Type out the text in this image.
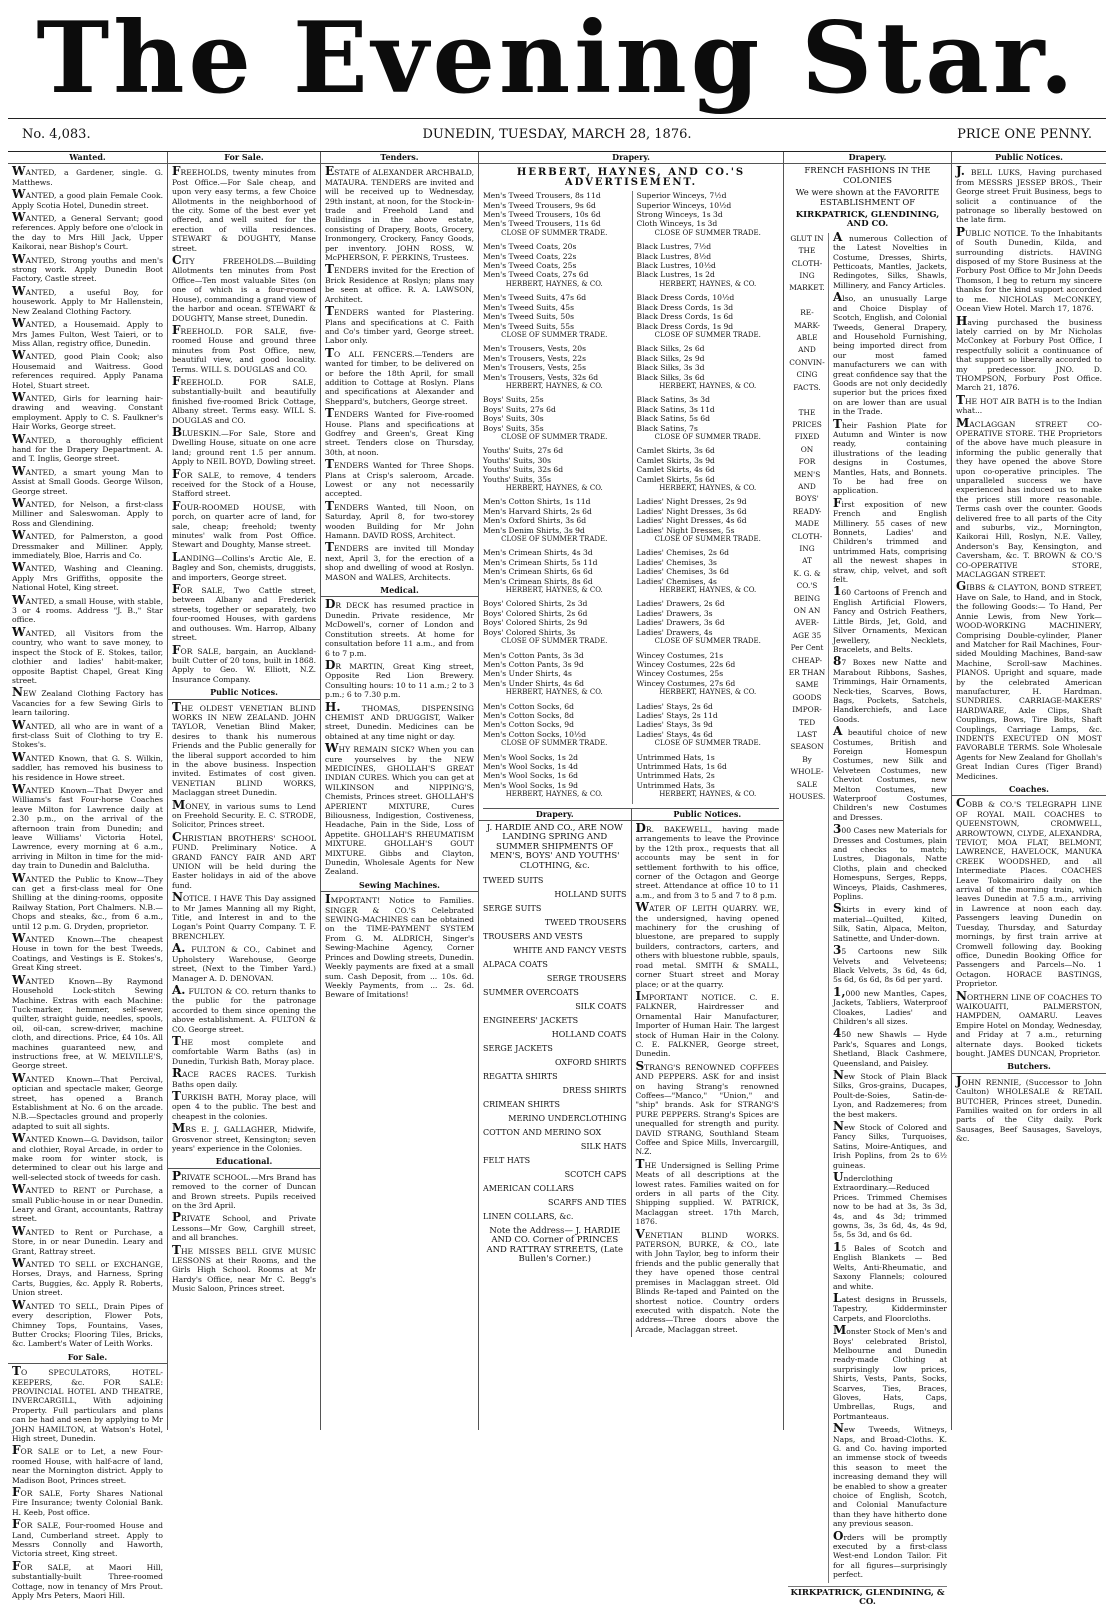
The Evening Star.
No. 4,083.	DUNEDIN, TUESDAY, MARCH 28, 1876.	PRICE ONE PENNY.
Wanted.
WANTED, a Gardener, single. G. Matthews.
WANTED, a good plain Female Cook. Apply Scotia Hotel, Dunedin street.
WANTED, a General Servant; good references. Apply before one o'clock in the day to Mrs Hill Jack, Upper Kaikorai, near Bishop's Court.
WANTED, Strong youths and men's strong work. Apply Dunedin Boot Factory, Castle street.
WANTED, a useful Boy, for housework. Apply to Mr Hallenstein, New Zealand Clothing Factory.
WANTED, a Housemaid. Apply to Mrs James Fulton, West Taieri, or to Miss Allan, registry office, Dunedin.
WANTED, good Plain Cook; also Housemaid and Waitress. Good references required. Apply Panama Hotel, Stuart street.
WANTED, Girls for learning hair-drawing and weaving. Constant employment. Apply to C. S. Faulkner's Hair Works, George street.
WANTED, a thoroughly efficient hand for the Drapery Department. A. and T. Inglis, George street.
WANTED, a smart young Man to Assist at Small Goods. George Wilson, George street.
WANTED, for Nelson, a first-class Milliner and Saleswoman. Apply to Ross and Glendining.
WANTED, for Palmerston, a good Dressmaker and Milliner. Apply, immediately, Bloe, Harris and Co.
WANTED, Washing and Cleaning. Apply Mrs Griffiths, opposite the National Hotel, King street.
WANTED, a small House, with stable, 3 or 4 rooms. Address "J. B.," Star office.
WANTED, all Visitors from the country, who want to save money, to inspect the Stock of E. Stokes, tailor, clothier and ladies' habit-maker, opposite Baptist Chapel, Great King street.
NEW Zealand Clothing Factory has Vacancies for a few Sewing Girls to learn tailoring.
WANTED, all who are in want of a first-class Suit of Clothing to try E. Stokes's.
WANTED Known, that G. S. Wilkin, saddler, has removed his business to his residence in Howe street.
WANTED Known—That Dwyer and Williams's fast Four-horse Coaches leave Milton for Lawrence daily at 2.30 p.m., on the arrival of the afternoon train from Dunedin; and leave Williams' Victoria Hotel, Lawrence, every morning at 6 a.m., arriving in Milton in time for the mid-day train to Dunedin and Balclutha.
WANTED the Public to Know—They can get a first-class meal for One Shilling at the dining-rooms, opposite Railway Station, Port Chalmers. N.B.—Chops and steaks, &c., from 6 a.m., until 12 p.m. G. Dryden, proprietor.
WANTED Known—The cheapest House in town for the best Tweeds, Coatings, and Vestings is E. Stokes's, Great King street.
WANTED Known—By Raymond Household Lock-stitch Sewing Machine. Extras with each Machine: Tuck-marker, hemmer, self-sewer, quilter, straight guide, needles, spools, oil, oil-can, screw-driver, machine cloth, and directions. Price, £4 10s. All machines guaranteed new, and instructions free, at W. MELVILLE'S, George street.
WANTED Known—That Percival, optician and spectacle maker, George street, has opened a Branch Establishment at No. 6 on the arcade. N.B.—Spectacles ground and properly adapted to suit all sights.
WANTED Known—G. Davidson, tailor and clothier, Royal Arcade, in order to make room for winter stock, is determined to clear out his large and well-selected stock of tweeds for cash.
WANTED to RENT or Purchase, a small Public-house in or near Dunedin. Leary and Grant, accountants, Rattray street.
WANTED to Rent or Purchase, a Store, in or near Dunedin. Leary and Grant, Rattray street.
WANTED TO SELL or EXCHANGE, Horses, Drays, and Harness, Spring Carts, Buggies, &c. Apply R. Roberts, Union street.
WANTED TO SELL, Drain Pipes of every description, Flower Pots, Chimney Tops, Fountains, Vases, Butter Crocks; Flooring Tiles, Bricks, &c. Lambert's Water of Leith Works.
For Sale.
TO SPECULATORS, HOTEL-KEEPERS, &c. FOR SALE: PROVINCIAL HOTEL AND THEATRE, INVERCARGILL, With adjoining Property. Full particulars and plans can be had and seen by applying to Mr JOHN HAMILTON, at Watson's Hotel, High street, Dunedin.
FOR SALE or to Let, a new Four-roomed House, with half-acre of land, near the Mornington district. Apply to Madison Boot, Princes street.
FOR SALE, Forty Shares National Fire Insurance; twenty Colonial Bank. H. Keeb, Post office.
FOR SALE, Four-roomed House and Land, Cumberland street. Apply to Messrs Connolly and Haworth, Victoria street, King street.
FOR SALE, at Maori Hill, substantially-built Three-roomed Cottage, now in tenancy of Mrs Prout. Apply Mrs Peters, Maori Hill.
For Sale.
FREEHOLDS, twenty minutes from Post Office.—For Sale cheap, and upon very easy terms, a few Choice Allotments in the neighborhood of the city. Some of the best ever yet offered, and well suited for the erection of villa residences. STEWART & DOUGHTY, Manse street.
CITY FREEHOLDS.—Building Allotments ten minutes from Post Office—Ten most valuable Sites (on one of which is a four-roomed House), commanding a grand view of the harbor and ocean. STEWART & DOUGHTY, Manse street, Dunedin.
FREEHOLD. FOR SALE, five-roomed House and ground three minutes from Post Office, new, beautiful view, and good locality. Terms. WILL S. DOUGLAS and CO.
FREEHOLD. FOR SALE, substantially-built and beautifully finished five-roomed Brick Cottage, Albany street. Terms easy. WILL S. DOUGLAS and CO.
BLUESKIN.—For Sale, Store and Dwelling House, situate on one acre land; ground rent 1.5 per annum. Apply to NEIL BOYD, Dowling street.
FOR SALE, to remove, 4 tenders received for the Stock of a House, Stafford street.
FOUR-ROOMED HOUSE, with porch, on quarter acre of land, for sale, cheap; freehold; twenty minutes' walk from Post Office. Stewart and Doughty, Manse street.
LANDING—Collins's Arctic Ale, E. Bagley and Son, chemists, druggists, and importers, George street.
FOR SALE, Two Cattle street, between Albany and Frederick streets, together or separately, two four-roomed Houses, with gardens and outhouses. Wm. Harrop, Albany street.
FOR SALE, bargain, an Auckland-built Cutter of 20 tons, built in 1868. Apply to Geo. W. Elliott, N.Z. Insurance Company.
Public Notices.
THE OLDEST VENETIAN BLIND WORKS IN NEW ZEALAND. JOHN TAYLOR, Venetian Blind Maker, desires to thank his numerous Friends and the Public generally for the liberal support accorded to him in the above business. Inspection invited. Estimates of cost given. VENETIAN BLIND WORKS, Maclaggan street Dunedin.
MONEY, in various sums to Lend on Freehold Security. E. C. STRODE, Solicitor, Princes street.
CHRISTIAN BROTHERS' SCHOOL FUND. Preliminary Notice. A GRAND FANCY FAIR AND ART UNION will be held during the Easter holidays in aid of the above fund.
NOTICE. I HAVE This Day assigned to Mr James Manning all my Right, Title, and Interest in and to the Logan's Point Quarry Company. T. F. BRENCHLEY.
A. FULTON & CO., Cabinet and Upholstery Warehouse, George street, (Next to the Timber Yard.) Manager A. D. DENOVAN.
A. FULTON & CO. return thanks to the public for the patronage accorded to them since opening the above establishment. A. FULTON & CO. George street.
THE most complete and comfortable Warm Baths (as) in Dunedin, Turkish Bath, Moray place.
RACE RACES RACES. Turkish Baths open daily.
TURKISH BATH, Moray place, will open 4 to the public. The best and cheapest in the colonies.
MRS E. J. GALLAGHER, Midwife, Grosvenor street, Kensington; seven years' experience in the Colonies.
Educational.
PRIVATE SCHOOL.—Mrs Brand has removed to the corner of Duncan and Brown streets. Pupils received on the 3rd April.
PRIVATE School, and Private Lessons—Mr Gow, Carghill street, and all branches.
THE MISSES BELL GIVE MUSIC LESSONS at their Rooms, and the Girls High School. Rooms at Mr Hardy's Office, near Mr C. Begg's Music Saloon, Princes street.
Tenders.
ESTATE of ALEXANDER ARCHBALD, MATAURA. TENDERS are invited and will be received up to Wednesday, 29th instant, at noon, for the Stock-in-trade and Freehold Land and Buildings in the above estate, consisting of Drapery, Boots, Grocery, Ironmongery, Crockery, Fancy Goods, per inventory. JOHN ROSS, W. McPHERSON, F. PERKINS, Trustees.
TENDERS invited for the Erection of Brick Residence at Roslyn; plans may be seen at office. R. A. LAWSON, Architect.
TENDERS wanted for Plastering. Plans and specifications at C. Faith and Co's timber yard, George street. Labor only.
TO ALL FENCERS.—Tenders are wanted for timber, to be delivered on or before the 18th April, for small addition to Cottage at Roslyn. Plans and specifications at Alexander and Sheppard's, butchers, George street.
TENDERS Wanted for Five-roomed House. Plans and specifications at Godfrey and Green's, Great King street. Tenders close on Thursday, 30th, at noon.
TENDERS Wanted for Three Shops. Plans at Crisp's saleroom, Arcade. Lowest or any not necessarily accepted.
TENDERS Wanted, till Noon, on Saturday, April 8, for two-storey wooden Building for Mr John Hamann. DAVID ROSS, Architect.
TENDERS are invited till Monday next, April 3, for the erection of a shop and dwelling of wood at Roslyn. MASON and WALES, Architects.
Medical.
DR DECK has resumed practice in Dunedin. Private residence, Mr McDowell's, corner of London and Constitution streets. At home for consultation before 11 a.m., and from 6 to 7 p.m.
DR MARTIN, Great King street, Opposite Red Lion Brewery. Consulting hours: 10 to 11 a.m.; 2 to 3 p.m.; 6 to 7.30 p.m.
H. THOMAS, DISPENSING CHEMIST AND DRUGGIST, Walker street, Dunedin. Medicines can be obtained at any time night or day.
WHY REMAIN SICK? When you can cure yourselves by the NEW MEDICINES, GHOLLAH'S GREAT INDIAN CURES. Which you can get at WILKINSON and NIPPING'S, Chemists, Princes street. GHOLLAH'S APERIENT MIXTURE, Cures Biliousness, Indigestion, Costiveness, Headache, Pain in the Side, Loss of Appetite. GHOLLAH'S RHEUMATISM MIXTURE. GHOLLAH'S GOUT MIXTURE. Gibbs and Clayton, Dunedin, Wholesale Agents for New Zealand.
Sewing Machines.
IMPORTANT! Notice to Families. SINGER & CO.'S Celebrated SEWING-MACHINES can be obtained on the TIME-PAYMENT SYSTEM From G. M. ALDRICH, Singer's Sewing-Machine Agency, Corner Princes and Dowling streets, Dunedin. Weekly payments are fixed at a small sum. Cash Deposit, from ... 10s. 6d. Weekly Payments, from ... 2s. 6d. Beware of Imitations!
Drapery.
HERBERT, HAYNES, AND CO.'S ADVERTISEMENT.
Men's Tweed Trousers, 8s 11d
Men's Tweed Trousers, 9s 6d
Men's Tweed Trousers, 10s 6d
Men's Tweed Trousers, 11s 6d
CLOSE OF SUMMER TRADE.
Men's Tweed Coats, 20s
Men's Tweed Coats, 22s
Men's Tweed Coats, 25s
Men's Tweed Coats, 27s 6d
HERBERT, HAYNES, & CO.
Men's Tweed Suits, 47s 6d
Men's Tweed Suits, 45s
Men's Tweed Suits, 50s
Men's Tweed Suits, 55s
CLOSE OF SUMMER TRADE.
Men's Trousers, Vests, 20s
Men's Trousers, Vests, 22s
Men's Trousers, Vests, 25s
Men's Trousers, Vests, 32s 6d
HERBERT, HAYNES, & CO.
Boys' Suits, 25s
Boys' Suits, 27s 6d
Boys' Suits, 30s
Boys' Suits, 35s
CLOSE OF SUMMER TRADE.
Youths' Suits, 27s 6d
Youths' Suits, 30s
Youths' Suits, 32s 6d
Youths' Suits, 35s
HERBERT, HAYNES, & CO.
Men's Cotton Shirts, 1s 11d
Men's Harvard Shirts, 2s 6d
Men's Oxford Shirts, 3s 6d
Men's Denim Shirts, 3s 9d
CLOSE OF SUMMER TRADE.
Men's Crimean Shirts, 4s 3d
Men's Crimean Shirts, 5s 11d
Men's Crimean Shirts, 6s 6d
Men's Crimean Shirts, 8s 6d
HERBERT, HAYNES, & CO.
Boys' Colored Shirts, 2s 3d
Boys' Colored Shirts, 2s 6d
Boys' Colored Shirts, 2s 9d
Boys' Colored Shirts, 3s
CLOSE OF SUMMER TRADE.
Men's Cotton Pants, 3s 3d
Men's Cotton Pants, 3s 9d
Men's Under Shirts, 4s
Men's Under Shirts, 4s 6d
HERBERT, HAYNES, & CO.
Men's Cotton Socks, 6d
Men's Cotton Socks, 8d
Men's Cotton Socks, 9d
Men's Cotton Socks, 10½d
CLOSE OF SUMMER TRADE.
Men's Wool Socks, 1s 2d
Men's Wool Socks, 1s 4d
Men's Wool Socks, 1s 6d
Men's Wool Socks, 1s 9d
HERBERT, HAYNES, & CO.
Superior Winceys, 7½d
Superior Winceys, 10½d
Strong Winceys, 1s 3d
Cloth Winceys, 1s 3d
CLOSE OF SUMMER TRADE.
Black Lustres, 7½d
Black Lustres, 8½d
Black Lustres, 10½d
Black Lustres, 1s 2d
HERBERT, HAYNES, & CO.
Black Dress Cords, 10½d
Black Dress Cords, 1s 3d
Black Dress Cords, 1s 6d
Black Dress Cords, 1s 9d
CLOSE OF SUMMER TRADE.
Black Silks, 2s 6d
Black Silks, 2s 9d
Black Silks, 3s 3d
Black Silks, 3s 6d
HERBERT, HAYNES, & CO.
Black Satins, 3s 3d
Black Satins, 3s 11d
Black Satins, 5s 6d
Black Satins, 7s
CLOSE OF SUMMER TRADE.
Camlet Skirts, 3s 6d
Camlet Skirts, 3s 9d
Camlet Skirts, 4s 6d
Camlet Skirts, 5s 6d
HERBERT, HAYNES, & CO.
Ladies' Night Dresses, 2s 9d
Ladies' Night Dresses, 3s 6d
Ladies' Night Dresses, 4s 6d
Ladies' Night Dresses, 5s
CLOSE OF SUMMER TRADE.
Ladies' Chemises, 2s 6d
Ladies' Chemises, 3s
Ladies' Chemises, 3s 6d
Ladies' Chemises, 4s
HERBERT, HAYNES, & CO.
Ladies' Drawers, 2s 6d
Ladies' Drawers, 3s
Ladies' Drawers, 3s 6d
Ladies' Drawers, 4s
CLOSE OF SUMMER TRADE.
Wincey Costumes, 21s
Wincey Costumes, 22s 6d
Wincey Costumes, 25s
Wincey Costumes, 27s 6d
HERBERT, HAYNES, & CO.
Ladies' Stays, 2s 6d
Ladies' Stays, 2s 11d
Ladies' Stays, 3s 9d
Ladies' Stays, 4s 6d
CLOSE OF SUMMER TRADE.
Untrimmed Hats, 1s
Untrimmed Hats, 1s 6d
Untrimmed Hats, 2s
Untrimmed Hats, 3s
HERBERT, HAYNES, & CO.
Drapery.
J. HARDIE AND CO., ARE NOW LANDING SPRING AND SUMMER SHIPMENTS OF MEN'S, BOYS' AND YOUTHS' CLOTHING, &c.
TWEED SUITS
HOLLAND SUITS
SERGE SUITS
TWEED TROUSERS
TROUSERS AND VESTS
WHITE AND FANCY VESTS
ALPACA COATS
SERGE TROUSERS
SUMMER OVERCOATS
SILK COATS
ENGINEERS' JACKETS
HOLLAND COATS
SERGE JACKETS
OXFORD SHIRTS
REGATTA SHIRTS
DRESS SHIRTS
CRIMEAN SHIRTS
MERINO UNDERCLOTHING
COTTON AND MERINO SOX
SILK HATS
FELT HATS
SCOTCH CAPS
AMERICAN COLLARS
SCARFS AND TIES
LINEN COLLARS, &c.
Note the Address— J. HARDIE AND CO. Corner of PRINCES AND RATTRAY STREETS, (Late Bullen's Corner.)
Public Notices.
DR. BAKEWELL, having made arrangements to leave the Province by the 12th prox., requests that all accounts may be sent in for settlement forthwith to his office, corner of the Octagon and George street. Attendance at office 10 to 11 a.m., and from 3 to 5 and 7 to 8 p.m.
WATER OF LEITH QUARRY. WE, the undersigned, having opened machinery for the crushing of bluestone, are prepared to supply builders, contractors, carters, and others with bluestone rubble, spauls, road metal. SMITH & SMALL, corner Stuart street and Moray place; or at the quarry.
IMPORTANT NOTICE. C. E. FALKNER, Hairdresser and Ornamental Hair Manufacturer, Importer of Human Hair. The largest stock of Human Hair in the Colony. C. E. FALKNER, George street, Dunedin.
STRANG'S RENOWNED COFFEES AND PEPPERS. ASK for and insist on having Strang's renowned Coffees—"Manco," "Union," and "ship" brands. Ask for STRANG'S PURE PEPPERS. Strang's Spices are unequalled for strength and purity. DAVID STRANG, Southland Steam Coffee and Spice Mills, Invercargill, N.Z.
THE Undersigned is Selling Prime Meats of all descriptions at the lowest rates. Families waited on for orders in all parts of the City. Shipping supplied. W. PATRICK, Maclaggan street. 17th March, 1876.
VENETIAN BLIND WORKS. PATERSON, BURKE, & CO., late with John Taylor, beg to inform their friends and the public generally that they have opened those central premises in Maclaggan street. Old Blinds Re-taped and Painted on the shortest notice. Country orders executed with dispatch. Note the address—Three doors above the Arcade, Maclaggan street.
Drapery.
FRENCH FASHIONS IN THE COLONIES
We were shown at the FAVORITE ESTABLISHMENT OF
KIRKPATRICK, GLENDINING, AND CO.
GLUT IN
THE
CLOTH-
ING
MARKET.
RE-
MARK-
ABLE
AND
CONVIN-
CING
FACTS.
THE
PRICES
FIXED
ON
FOR
MEN'S
AND
BOYS'
READY-
MADE
CLOTH-
ING
AT
K. G. &
CO.'S
BEING
ON AN
AVER-
AGE 35
Per Cent
CHEAP-
ER THAN
SAME
GOODS
IMPOR-
TED
LAST
SEASON
By
WHOLE-
SALE
HOUSES.
A numerous Collection of the Latest Novelties in Costume, Dresses, Shirts, Petticoats, Mantles, Jackets, Redingotes, Silks, Shawls, Millinery, and Fancy Articles.
Also, an unusually Large and Choice Display of Scotch, English, and Colonial Tweeds, General Drapery, and Household Furnishing, being imported direct from our most famed manufacturers we can with great confidence say that the Goods are not only decidedly superior but the prices fixed on are lower than are usual in the Trade.
Their Fashion Plate for Autumn and Winter is now ready, containing illustrations of the leading designs in Costumes, Mantles, Hats, and Bonnets. To be had free on application.
First exposition of new French and English Millinery. 55 cases of new Bonnets, Ladies' and Children's trimmed and untrimmed Hats, comprising all the newest shapes in straw, chip, velvet, and soft felt.
160 Cartoons of French and English Artificial Flowers, Fancy and Ostrich Feathers, Little Birds, Jet, Gold, and Silver Ornaments, Mexican Jewellery, Necklets, Bracelets, and Belts.
87 Boxes new Natte and Marabout Ribbons, Sashes, Trimmings, Hair Ornaments, Neck-ties, Scarves, Bows, Bags, Pockets, Satchels, Handkerchiefs, and Lace Goods.
A beautiful choice of new Costumes, British and Foreign Homespun Costumes, new Silk and Velveteen Costumes, new Cheviot Costumes, new Melton Costumes, new Waterproof Costumes, Children's new Costumes and Dresses.
300 Cases new Materials for Dresses and Costumes, plain and checks to match; Lustres, Diagonals, Natte Cloths, plain and checked Homespuns, Serges, Repps, Winceys, Plaids, Cashmeres, Poplins.
Skirts in every kind of material—Quilted, Kilted, Silk, Satin, Alpaca, Melton, Satinette, and Under-down.
35 Cartoons new Silk Velvets and Velveteens; Black Velvets, 3s 6d, 4s 6d, 5s 6d, 6s 6d, 8s 6d per yard.
1,000 new Mantles, Capes, Jackets, Tabliers, Waterproof Cloakes, Ladies' and Children's all sizes.
450 new Shawls — Hyde Park's, Squares and Longs, Shetland, Black Cashmere, Queensland, and Paisley.
New Stock of Plain Black Silks, Gros-grains, Ducapes, Poult-de-Soies, Satin-de-Lyon, and Radzemeres; from the best makers.
New Stock of Colored and Fancy Silks, Turquoises, Satins, Moire-Antiques, and Irish Poplins, from 2s to 6½ guineas.
Underclothing Extraordinary.—Reduced Prices. Trimmed Chemises now to be had at 3s, 3s 3d, 4s, and 4s 3d; trimmed gowns, 3s, 3s 6d, 4s, 4s 9d, 5s, 5s 3d, and 6s 6d.
15 Bales of Scotch and English Blankets — Bed Welts, Anti-Rheumatic, and Saxony Flannels; coloured and white.
Latest designs in Brussels, Tapestry, Kidderminster Carpets, and Floorcloths.
Monster Stock of Men's and Boys' celebrated Bristol, Melbourne and Dunedin ready-made Clothing at surprisingly low prices, Shirts, Vests, Pants, Socks, Scarves, Ties, Braces, Gloves, Hats, Caps, Umbrellas, Rugs, and Portmanteaus.
New Tweeds, Witneys, Naps, and Broad-Cloths. K. G. and Co. having imported an immense stock of tweeds this season to meet the increasing demand they will be enabled to show a greater choice of English, Scotch, and Colonial Manufacture than they have hitherto done any previous season.
Orders will be promptly executed by a first-class West-end London Tailor. Fit for all figures—surprisingly perfect.
KIRKPATRICK, GLENDINING, & CO.
Public Notices.
J. BELL LUKS, Having purchased from MESSRS JESSEP BROS., Their George street Fruit Business, begs to solicit a continuance of the patronage so liberally bestowed on the late firm.
PUBLIC NOTICE. To the Inhabitants of South Dunedin, Kilda, and surrounding districts. HAVING disposed of my Store Business at the Forbury Post Office to Mr John Deeds Thomson, I beg to return my sincere thanks for the kind support accorded to me. NICHOLAS McCONKEY, Ocean View Hotel. March 17, 1876.
Having purchased the business lately carried on by Mr Nicholas McConkey at Forbury Post Office, I respectfully solicit a continuance of that support so liberally accorded to my predecessor. JNO. D. THOMPSON, Forbury Post Office. March 21, 1876.
THE HOT AIR BATH is to the Indian what...
MACLAGGAN STREET CO-OPERATIVE STORE. THE Proprietors of the above have much pleasure in informing the public generally that they have opened the above Store upon co-operative principles. The unparalleled success we have experienced has induced us to make the prices still more reasonable. Terms cash over the counter. Goods delivered free to all parts of the City and suburbs, viz., Mornington, Kaikorai Hill, Roslyn, N.E. Valley, Anderson's Bay, Kensington, and Caversham, &c. T. BROWN & CO.'S CO-OPERATIVE STORE, MACLAGGAN STREET.
GIBBS & CLAYTON, BOND STREET, Have on Sale, to Hand, and in Stock, the following Goods:— To Hand, Per Annie Lewis, from New York— WOOD-WORKING MACHINERY, Comprising Double-cylinder, Planer and Matcher for Rail Machines, Four-sided Moulding Machines, Band-saw Machine, Scroll-saw Machines. PIANOS. Upright and square, made by the celebrated American manufacturer, H. Hardman. SUNDRIES. CARRIAGE-MAKERS' HARDWARE, Axle Clips, Shaft Couplings, Bows, Tire Bolts, Shaft Couplings, Carriage Lamps, &c. INDENTS EXECUTED ON MOST FAVORABLE TERMS. Sole Wholesale Agents for New Zealand for Ghollah's Great Indian Cures (Tiger Brand) Medicines.
Coaches.
COBB & CO.'S TELEGRAPH LINE OF ROYAL MAIL COACHES to QUEENSTOWN, CROMWELL, ARROWTOWN, CLYDE, ALEXANDRA, TEVIOT, MOA FLAT, BELMONT, LAWRENCE, HAVELOCK, MANUKA CREEK WOODSHED, and all Intermediate Places. COACHES Leave Tokomairiro daily on the arrival of the morning train, which leaves Dunedin at 7.5 a.m., arriving in Lawrence at noon each day. Passengers leaving Dunedin on Tuesday, Thursday, and Saturday mornings, by first train arrive at Cromwell following day. Booking office, Dunedin Booking Office for Passengers and Parcels—No. 1 Octagon. HORACE BASTINGS, Proprietor.
NORTHERN LINE OF COACHES TO WAIKOUAITI, PALMERSTON, HAMPDEN, OAMARU. Leaves Empire Hotel on Monday, Wednesday, and Friday at 7 a.m., returning alternate days. Booked tickets bought. JAMES DUNCAN, Proprietor.
Butchers.
JOHN RENNIE, (Successor to John Caulton) WHOLESALE & RETAIL BUTCHER, Princes street, Dunedin. Families waited on for orders in all parts of the City daily. Pork Sausages, Beef Sausages, Saveloys, &c.
